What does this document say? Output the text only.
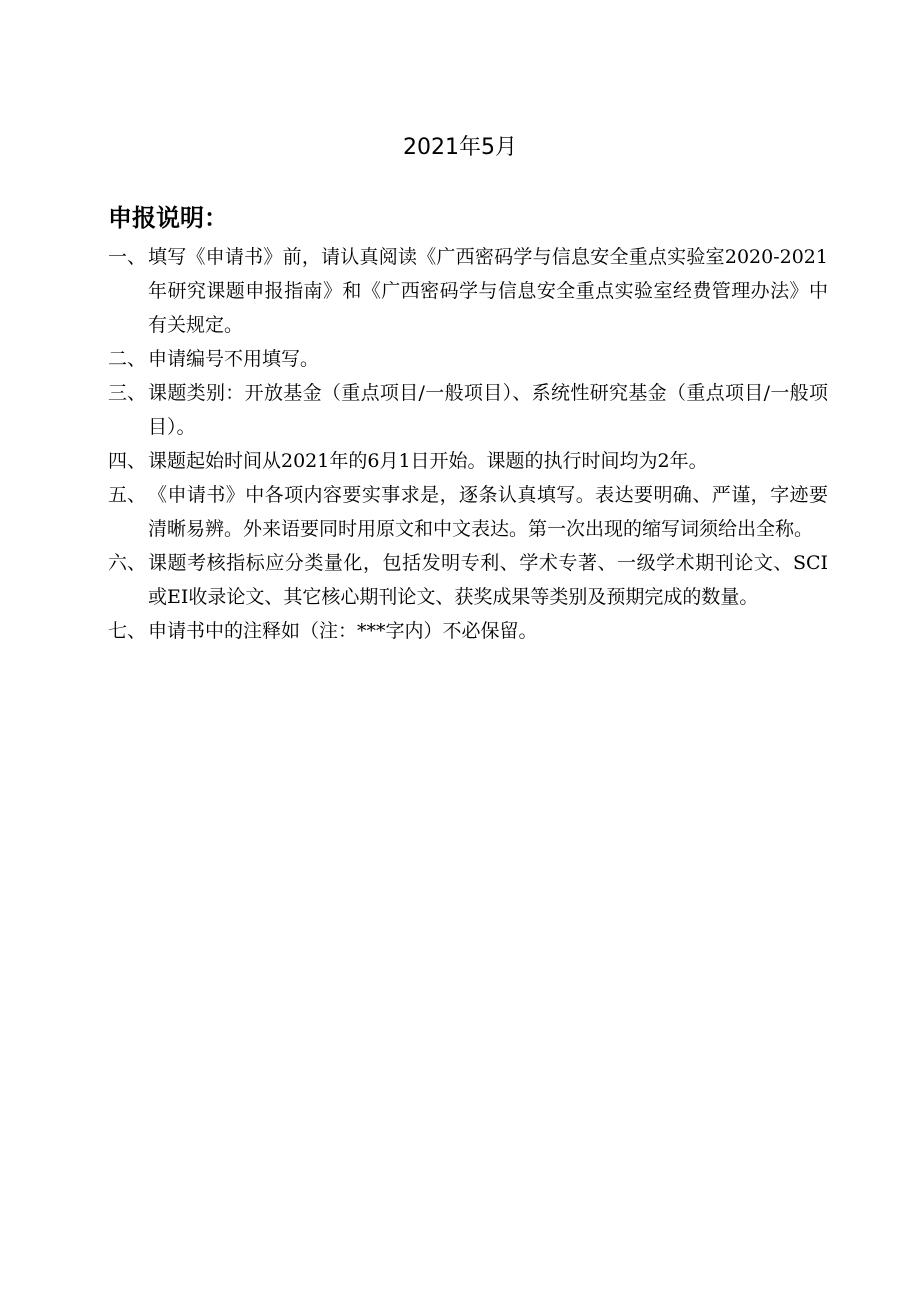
2021年5月
申报说明：
一、 填写《申请书》前，请认真阅读《广西密码学与信息安全重点实验室2020-2021年研究课题申报指南》和《广西密码学与信息安全重点实验室经费管理办法》中有关规定。
二、 申请编号不用填写。
三、 课题类别：开放基金（重点项目/一般项目）、系统性研究基金（重点项目/一般项目）。
四、 课题起始时间从2021年的6月1日开始。课题的执行时间均为2年。
五、 《申请书》中各项内容要实事求是，逐条认真填写。表达要明确、严谨，字迹要清晰易辨。外来语要同时用原文和中文表达。第一次出现的缩写词须给出全称。
六、 课题考核指标应分类量化，包括发明专利、学术专著、一级学术期刊论文、SCI或EI收录论文、其它核心期刊论文、获奖成果等类别及预期完成的数量。
七、 申请书中的注释如（注：***字内）不必保留。
